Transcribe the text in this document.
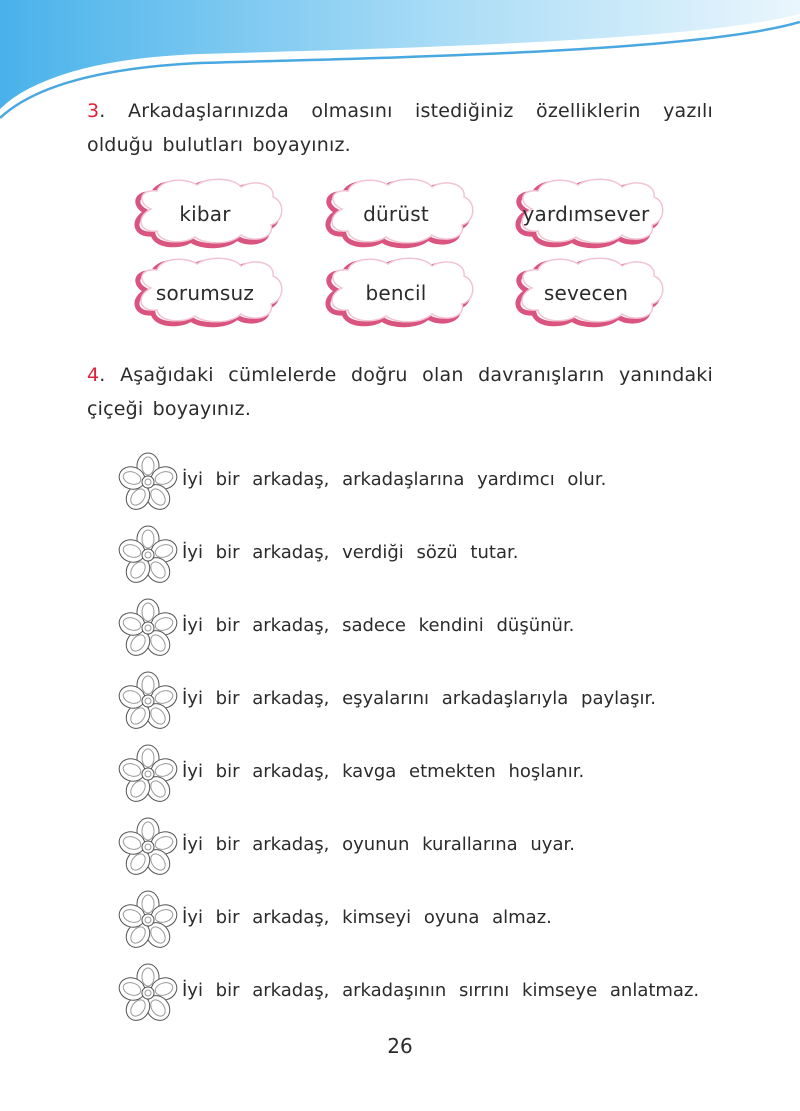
3. Arkadaşlarınızda olmasını istediğiniz özelliklerin yazılı olduğu bulutları boyayınız.
kibar	dürüst	yardımsever
sorumsuz	bencil	sevecen
4. Aşağıdaki cümlelerde doğru olan davranışların yanındaki çiçeği boyayınız.
İyi bir arkadaş, arkadaşlarına yardımcı olur.
İyi bir arkadaş, verdiği sözü tutar.
İyi bir arkadaş, sadece kendini düşünür.
İyi bir arkadaş, eşyalarını arkadaşlarıyla paylaşır.
İyi bir arkadaş, kavga etmekten hoşlanır.
İyi bir arkadaş, oyunun kurallarına uyar.
İyi bir arkadaş, kimseyi oyuna almaz.
İyi bir arkadaş, arkadaşının sırrını kimseye anlatmaz.
26
